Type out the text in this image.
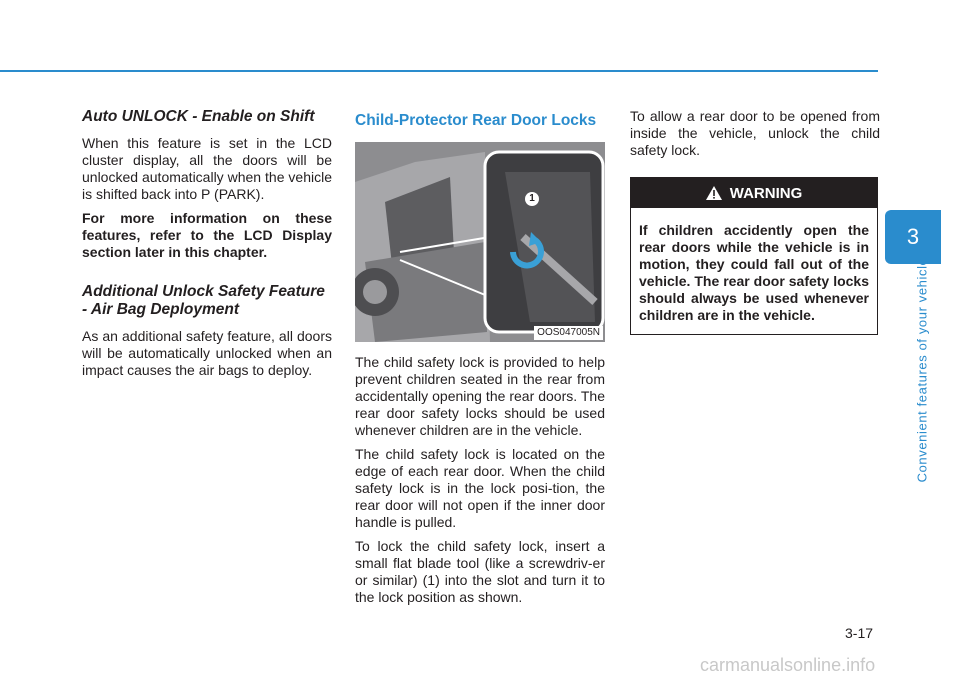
Auto UNLOCK - Enable on Shift

When this feature is set in the LCD cluster display, all the doors will be unlocked automatically when the vehicle is shifted back into P (PARK).

For more information on these features, refer to the LCD Display section later in this chapter.

Additional Unlock Safety Feature - Air Bag Deployment

As an additional safety feature, all doors will be automatically unlocked when an impact causes the air bags to deploy.

Child-Protector Rear Door Locks
1
OOS047005N

The child safety lock is provided to help prevent children seated in the rear from accidentally opening the rear doors. The rear door safety locks should be used whenever children are in the vehicle.

The child safety lock is located on the edge of each rear door. When the child safety lock is in the lock posi-tion, the rear door will not open if the inner door handle is pulled.

To lock the child safety lock, insert a small flat blade tool (like a screwdriv-er or similar) (1) into the slot and turn it to the lock position as shown.

To allow a rear door to be opened from inside the vehicle, unlock the child safety lock.

WARNING
If children accidently open the rear doors while the vehicle is in motion, they could fall out of the vehicle. The rear door safety locks should always be used whenever children are in the vehicle.
3
Convenient features of your vehicle
3-17
carmanualsonline.info
